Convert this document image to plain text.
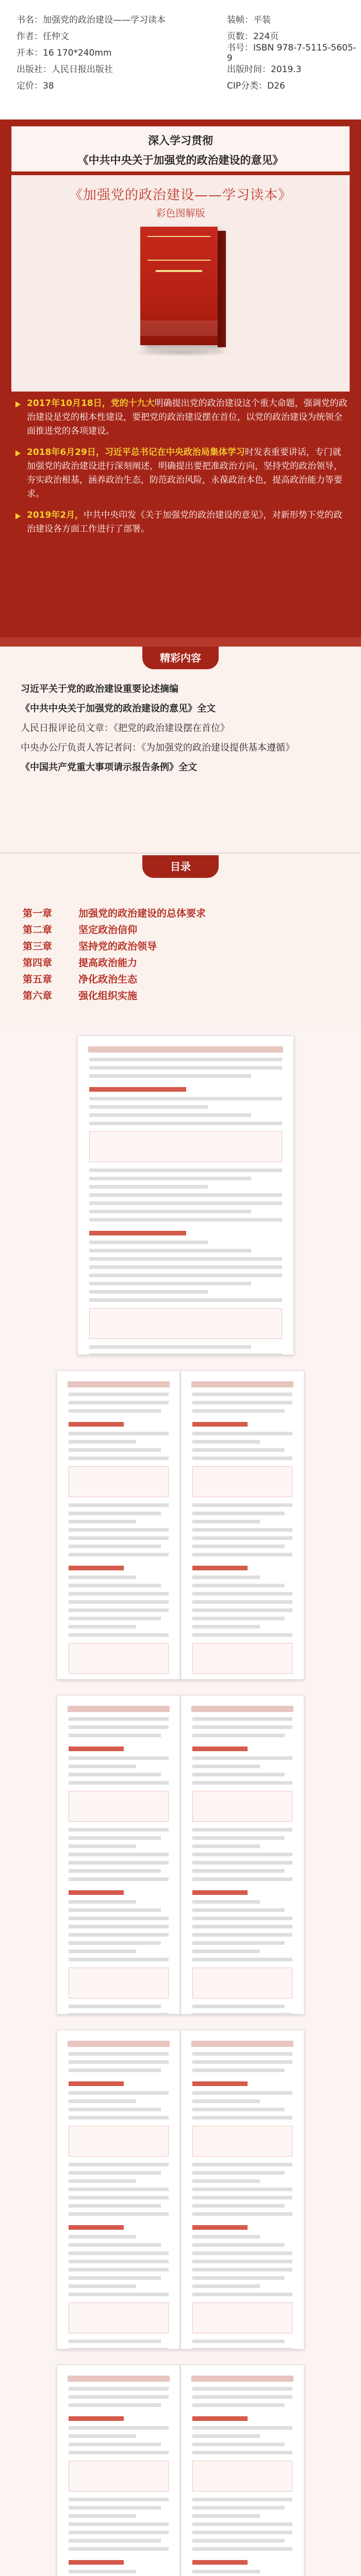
书名：加强党的政治建设——学习读本	装帧：平装
作者：任仲文	页数：224页
开本：16 170*240mm	书号：ISBN 978-7-5115-5605-9
出版社：人民日报出版社	出版时间：2019.3
定价：38	CIP分类：D26
深入学习贯彻
《中共中央关于加强党的政治建设的意见》
《加强党的政治建设——学习读本》
彩色图解版
2017年10月18日，党的十九大明确提出党的政治建设这个重大命题，强调党的政治建设是党的根本性建设，要把党的政治建设摆在首位，以党的政治建设为统领全面推进党的各项建设。
2018年6月29日，习近平总书记在中央政治局集体学习时发表重要讲话，专门就加强党的政治建设进行深刻阐述，明确提出要把准政治方向，坚持党的政治领导，夯实政治根基，涵养政治生态，防范政治风险，永葆政治本色，提高政治能力等要求。
2019年2月，中共中央印发《关于加强党的政治建设的意见》，对新形势下党的政治建设各方面工作进行了部署。
精彩内容

习近平关于党的政治建设重要论述摘编

《中共中央关于加强党的政治建设的意见》全文

人民日报评论员文章：《把党的政治建设摆在首位》

中央办公厅负责人答记者问：《为加强党的政治建设提供基本遵循》

《中国共产党重大事项请示报告条例》全文

目录
第一章	加强党的政治建设的总体要求
第二章	坚定政治信仰
第三章	坚持党的政治领导
第四章	提高政治能力
第五章	净化政治生态
第六章	强化组织实施
